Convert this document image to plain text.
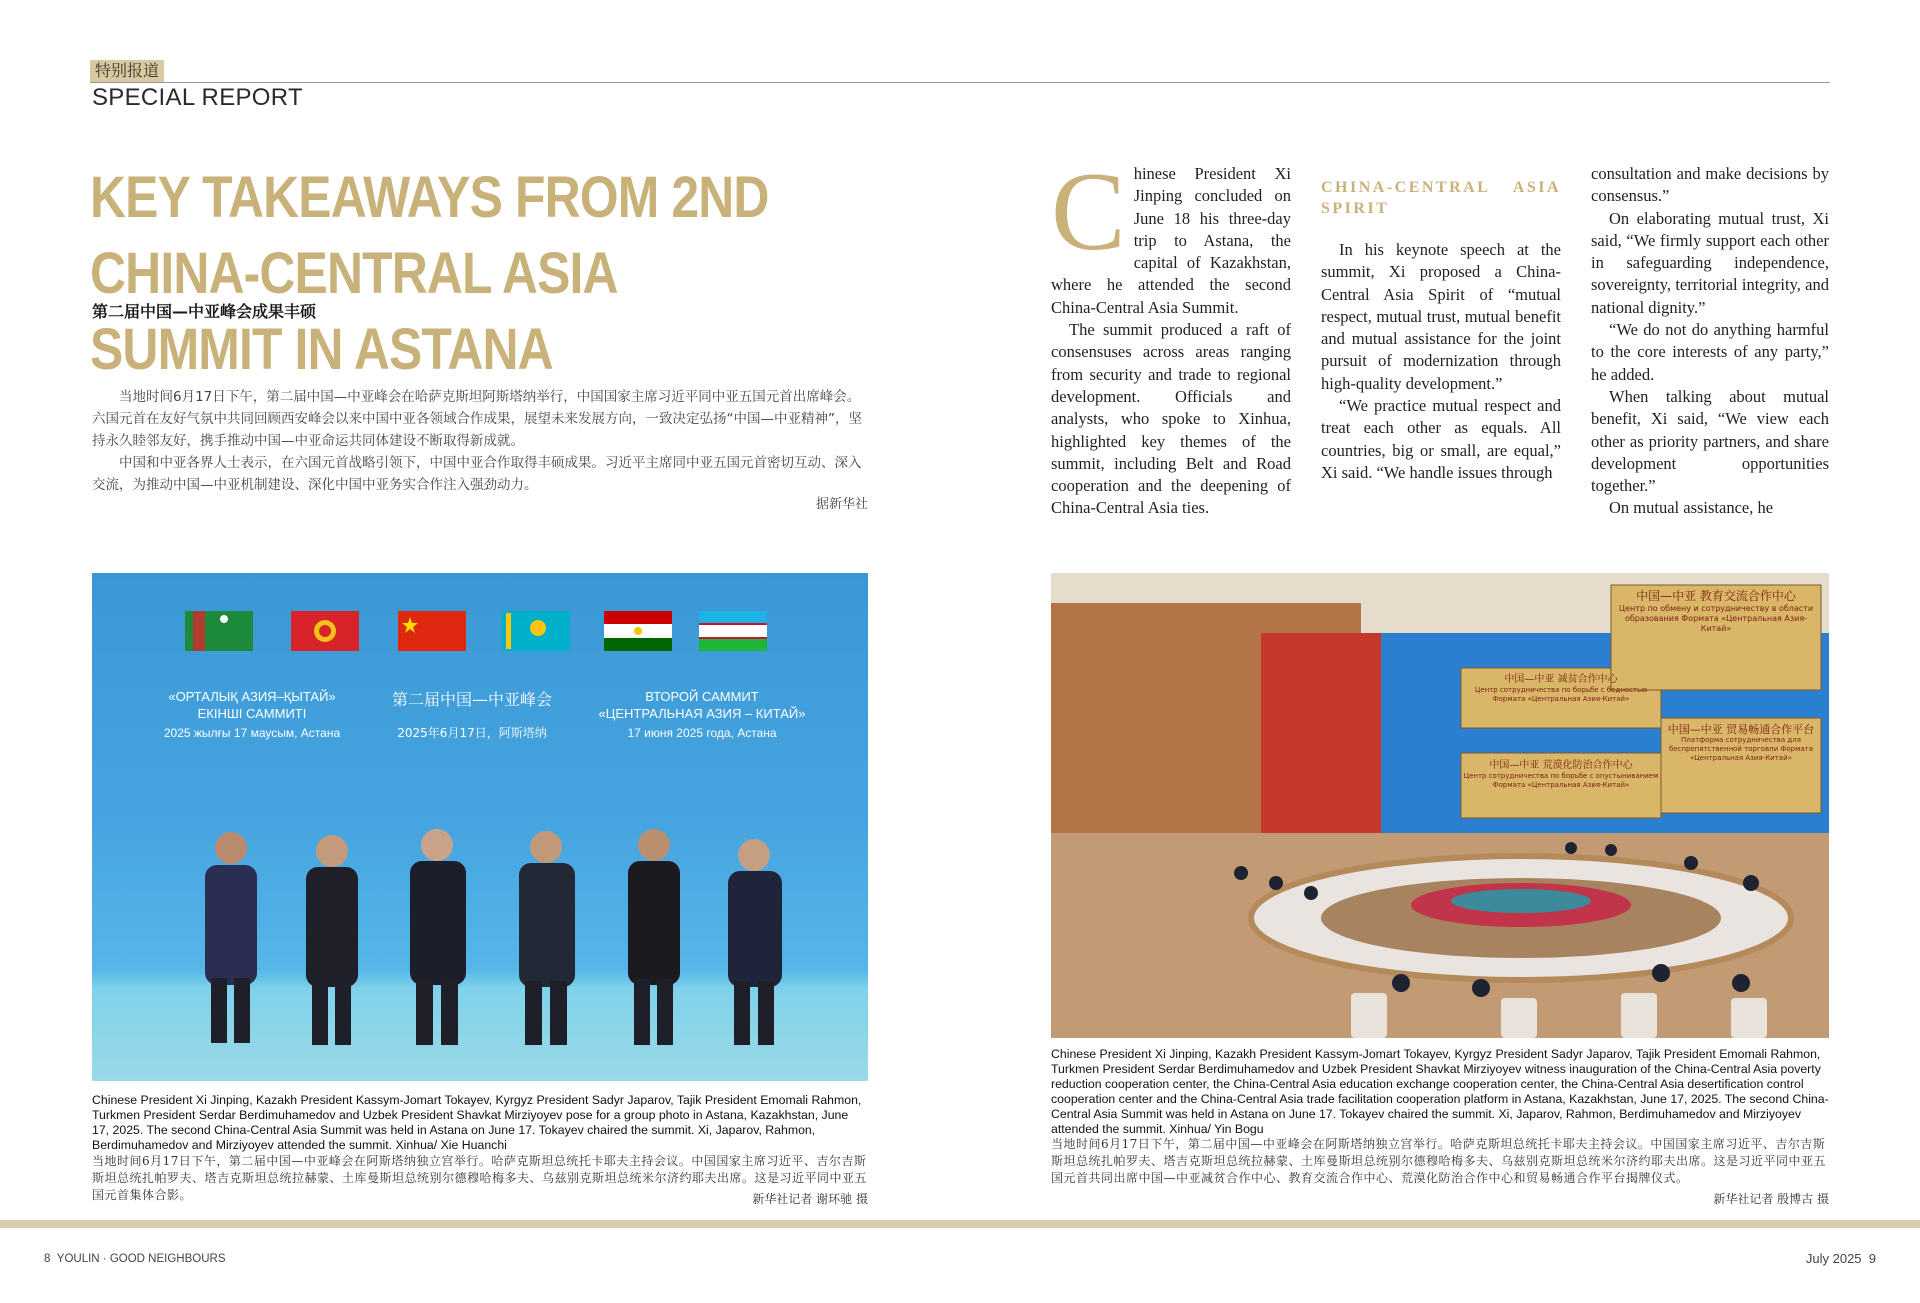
特别报道
SPECIAL REPORT
KEY TAKEAWAYS FROM 2ND CHINA-CENTRAL ASIA SUMMIT IN ASTANA
第二届中国—中亚峰会成果丰硕

当地时间6月17日下午，第二届中国—中亚峰会在哈萨克斯坦阿斯塔纳举行，中国国家主席习近平同中亚五国元首出席峰会。六国元首在友好气氛中共同回顾西安峰会以来中国中亚各领域合作成果，展望未来发展方向，一致决定弘扬“中国—中亚精神”，坚持永久睦邻友好，携手推动中国—中亚命运共同体建设不断取得新成就。

中国和中亚各界人士表示，在六国元首战略引领下，中国中亚合作取得丰硕成果。习近平主席同中亚五国元首密切互动、深入交流，为推动中国—中亚机制建设、深化中国中亚务实合作注入强劲动力。

据新华社

Chinese President Xi Jinping concluded on June 18 his three-day trip to Astana, the capital of Kazakhstan, where he attended the second China-Central Asia Summit.

The summit produced a raft of consensuses across areas ranging from security and trade to regional development. Officials and analysts, who spoke to Xinhua, highlighted key themes of the summit, including Belt and Road cooperation and the deepening of China-Central Asia ties.

CHINA-CENTRAL ASIA SPIRIT

In his keynote speech at the summit, Xi proposed a China-Central Asia Spirit of “mutual respect, mutual trust, mutual benefit and mutual assistance for the joint pursuit of modernization through high-quality development.”

“We practice mutual respect and treat each other as equals. All countries, big or small, are equal,” Xi said. “We handle issues through

consultation and make decisions by consensus.”

On elaborating mutual trust, Xi said, “We firmly support each other in safeguarding independence, sovereignty, territorial integrity, and national dignity.”

“We do not do anything harmful to the core interests of any party,” he added.

When talking about mutual benefit, Xi said, “We view each other as priority partners, and share development opportunities together.”

On mutual assistance, he

«ОРТАЛЫҚ АЗИЯ–ҚЫТАЙ» ЕКІНШІ САММИТІ
2025 жылғы 17 маусым, Астана
第二届中国—中亚峰会
2025年6月17日，阿斯塔纳
ВТОРОЙ САММИТ «ЦЕНТРАЛЬНАЯ АЗИЯ – КИТАЙ»
17 июня 2025 года, Астана
Chinese President Xi Jinping, Kazakh President Kassym-Jomart Tokayev, Kyrgyz President Sadyr Japarov, Tajik President Emomali Rahmon, Turkmen President Serdar Berdimuhamedov and Uzbek President Shavkat Mirziyoyev pose for a group photo in Astana, Kazakhstan, June 17, 2025. The second China-Central Asia Summit was held in Astana on June 17. Tokayev chaired the summit. Xi, Japarov, Rahmon, Berdimuhamedov and Mirziyoyev attended the summit. Xinhua/ Xie Huanchi
当地时间6月17日下午，第二届中国—中亚峰会在阿斯塔纳独立宫举行。哈萨克斯坦总统托卡耶夫主持会议。中国国家主席习近平、吉尔吉斯斯坦总统扎帕罗夫、塔吉克斯坦总统拉赫蒙、土库曼斯坦总统别尔德穆哈梅多夫、乌兹别克斯坦总统米尔济约耶夫出席。这是习近平同中亚五国元首集体合影。	新华社记者 谢环驰 摄
中国—中亚 减贫合作中心
Центр сотрудничества по борьбе с бедностью Формата «Центральная Азия-Китай»
中国—中亚 教育交流合作中心
Центр по обмену и сотрудничеству в области образования Формата «Центральная Азия-Китай»
中国—中亚 荒漠化防治合作中心
Центр сотрудничества по борьбе с опустыниванием Формата «Центральная Азия-Китай»
中国—中亚 贸易畅通合作平台
Платформа сотрудничества для беспрепятственной торговли Формата «Центральная Азия-Китай»
Chinese President Xi Jinping, Kazakh President Kassym-Jomart Tokayev, Kyrgyz President Sadyr Japarov, Tajik President Emomali Rahmon, Turkmen President Serdar Berdimuhamedov and Uzbek President Shavkat Mirziyoyev witness inauguration of the China-Central Asia poverty reduction cooperation center, the China-Central Asia education exchange cooperation center, the China-Central Asia desertification control cooperation center and the China-Central Asia trade facilitation cooperation platform in Astana, Kazakhstan, June 17, 2025. The second China-Central Asia Summit was held in Astana on June 17. Tokayev chaired the summit. Xi, Japarov, Rahmon, Berdimuhamedov and Mirziyoyev attended the summit. Xinhua/ Yin Bogu
当地时间6月17日下午，第二届中国—中亚峰会在阿斯塔纳独立宫举行。哈萨克斯坦总统托卡耶夫主持会议。中国国家主席习近平、吉尔吉斯斯坦总统扎帕罗夫、塔吉克斯坦总统拉赫蒙、土库曼斯坦总统别尔德穆哈梅多夫、乌兹别克斯坦总统米尔济约耶夫出席。这是习近平同中亚五国元首共同出席中国—中亚减贫合作中心、教育交流合作中心、荒漠化防治合作中心和贸易畅通合作平台揭牌仪式。
新华社记者 殷博古 摄
8 YOULIN · GOOD NEIGHBOURS	July 2025 9
